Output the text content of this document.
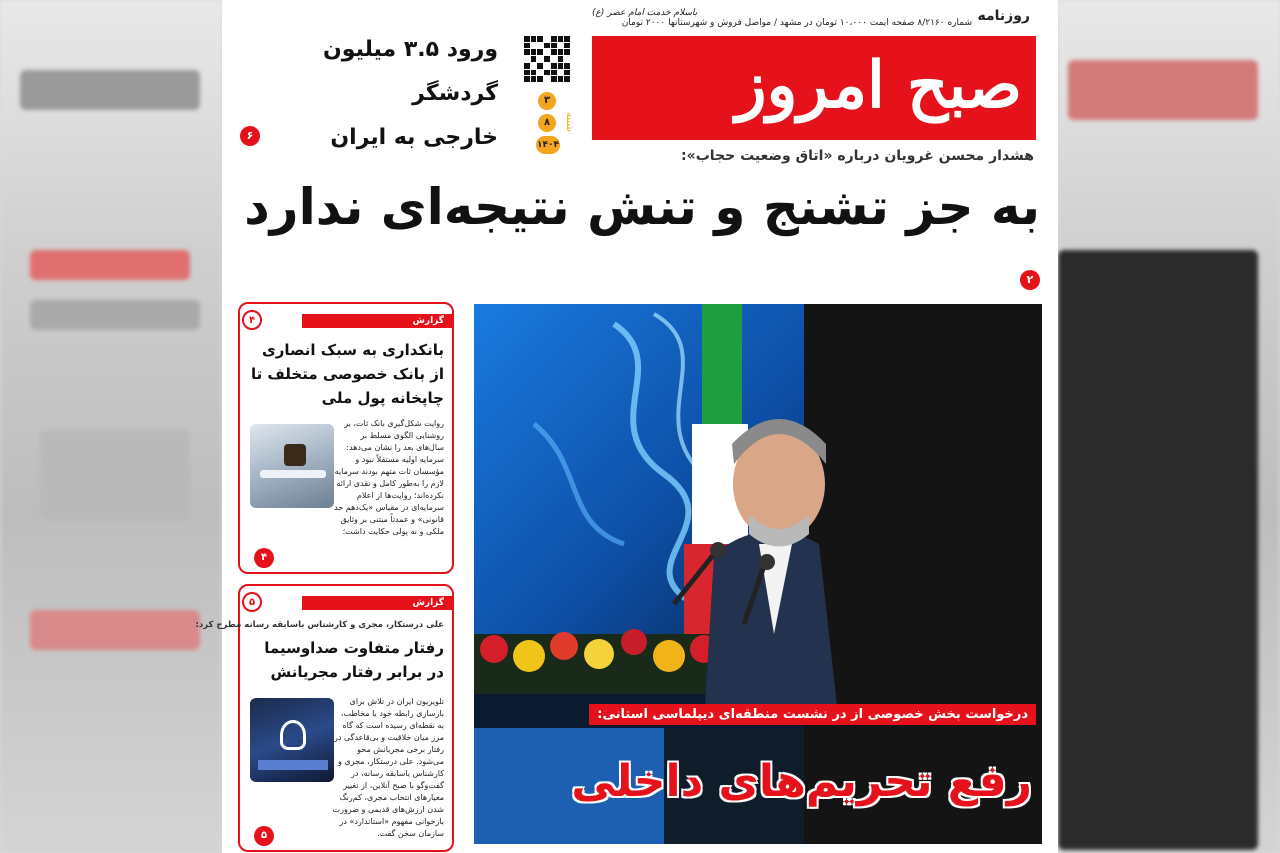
روزنامه
شماره ۸/۲۱۶۰ صفحه ایمت ۱۰،۰۰۰ تومان در مشهد / مواصل فروش و شهرستانها ۲۰۰۰ تومان
باسلام خدمت امام عصر (ع)
صبح امروز
۳
۸
۱۴۰۴
شنبه
ورود ۳.۵ میلیون گردشگر
خارجی به ایران
۶
هشدار محسن غرویان درباره «اتاق وضعیت حجاب»:
به جز تشنج و تنش نتیجه‌ای ندارد
۲
گزارش
۴
بانکداری به سبک انصاری از بانک خصوصی متخلف تا چاپخانه پول ملی
روایت شکل‌گیری بانک ثات، بر روشنایی الگوی مسلط بر سال‌های بعد را نشان می‌دهد: سرمایه اولیه مستقلاً نبود و مؤسسان ثات متهم بودند سرمایه لازم را به‌طور کامل و نقدی ارائه نکرده‌اند؛ روایت‌ها از اعلام سرمایه‌ای در مقیاس «یک‌دهم حد قانونی» و عمدتاً مبتنی بر وثایق ملکی و نه پولی حکایت داشت؛
۴
گزارش
۵
علی درستکار، مجری و کارشناس باسابقه رسانه مطرح کرد:
رفتار متفاوت صداوسیما در برابر رفتار مجریانش
تلویزیون ایران در تلاش برای بازسازی رابطه خود با مخاطب، به نقطه‌ای رسیده است که گاه مرز میان خلاقیت و بی‌قاعدگی در رفتار برخی مجریانش محو می‌شود. علی درستکار، مجری و کارشناس باسابقه رسانه، در گفت‌وگو با صبح آنلاین، از تغییر معیارهای انتخاب مجری، کم‌رنگ شدن ارزش‌های قدیمی و ضرورت بازخوانی مفهوم «استاندارد» در سازمان سخن گفت.
۵
درخواست بخش خصوصی از در نشست منطقه‌ای دیپلماسی استانی:
رفع تحریم‌های داخلی
